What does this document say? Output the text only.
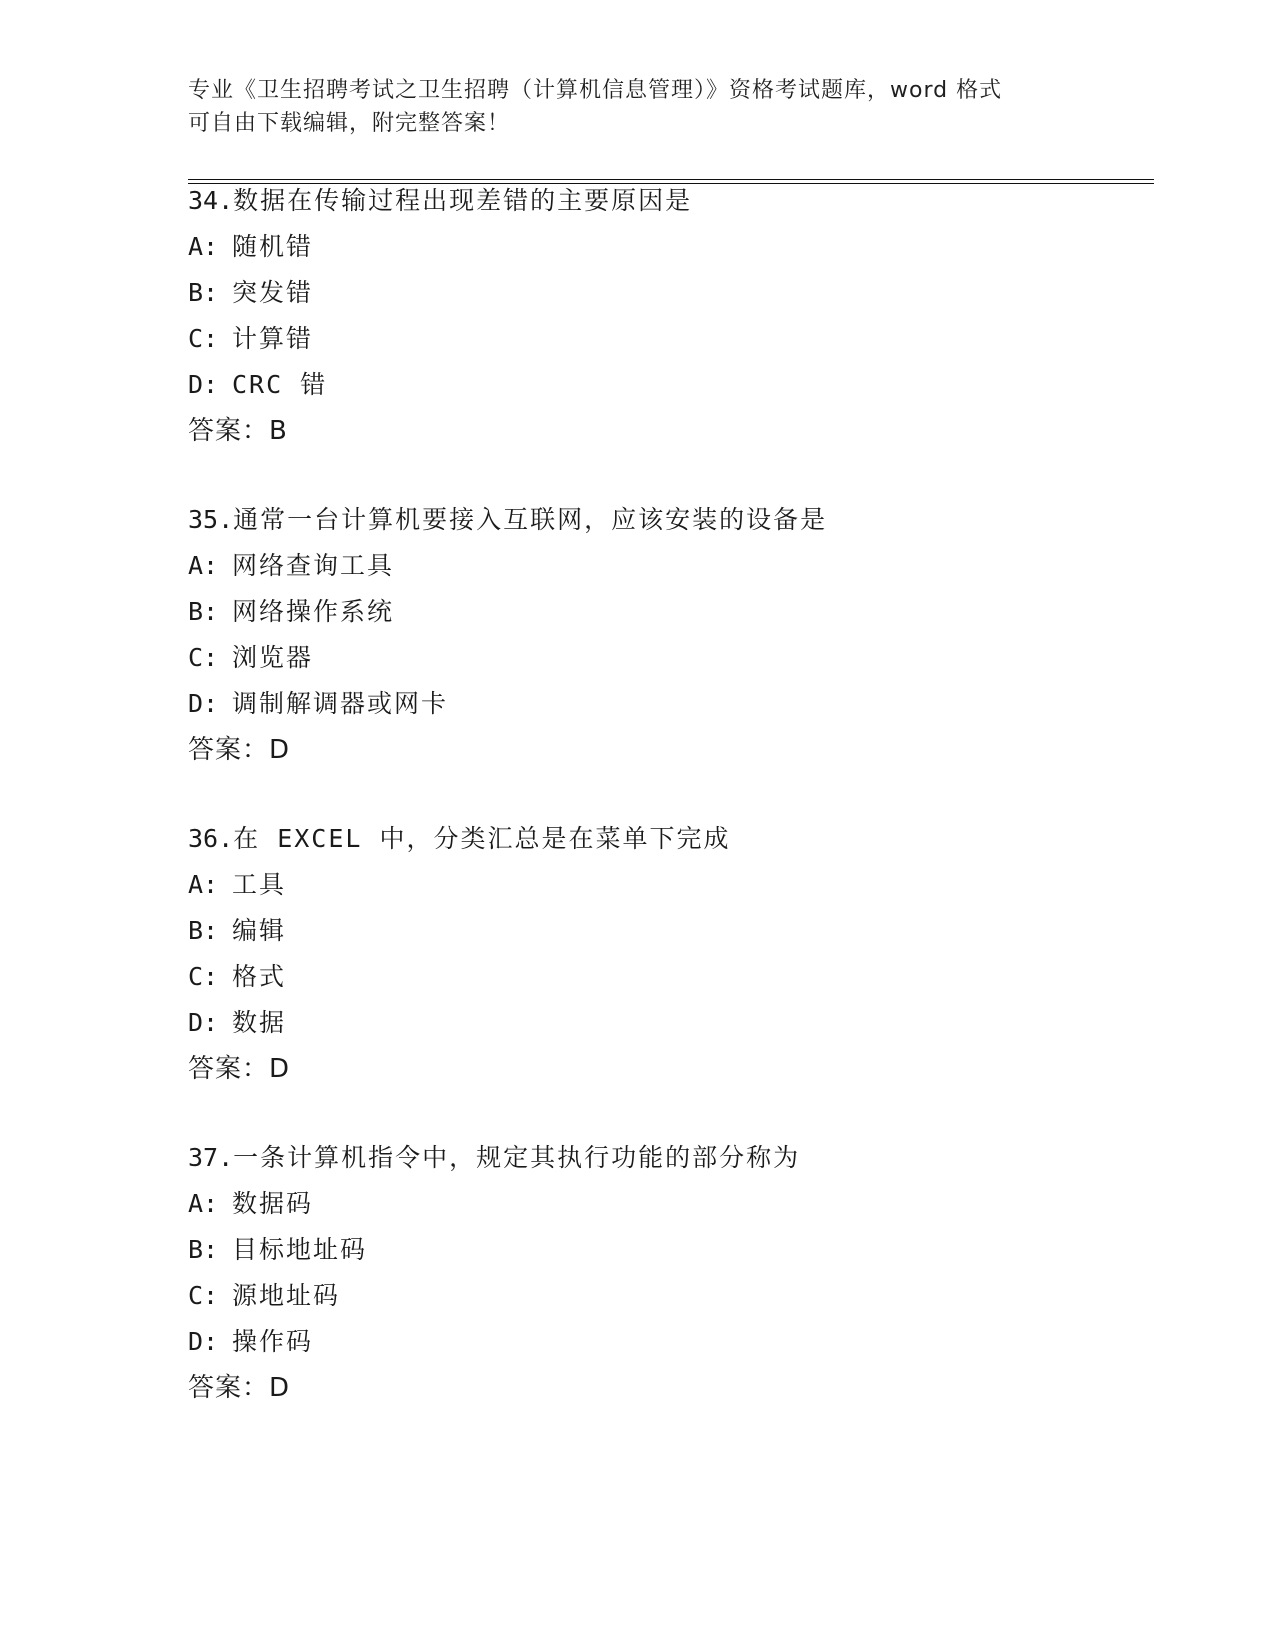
专业《卫生招聘考试之卫生招聘（计算机信息管理）》资格考试题库，word 格式
可自由下载编辑，附完整答案！
34.数据在传输过程出现差错的主要原因是
A: 随机错
B: 突发错
C: 计算错
D: CRC 错
答案：B
35.通常一台计算机要接入互联网，应该安装的设备是
A: 网络查询工具
B: 网络操作系统
C: 浏览器
D: 调制解调器或网卡
答案：D
36.在 EXCEL 中，分类汇总是在菜单下完成
A: 工具
B: 编辑
C: 格式
D: 数据
答案：D
37.一条计算机指令中，规定其执行功能的部分称为
A: 数据码
B: 目标地址码
C: 源地址码
D: 操作码
答案：D
